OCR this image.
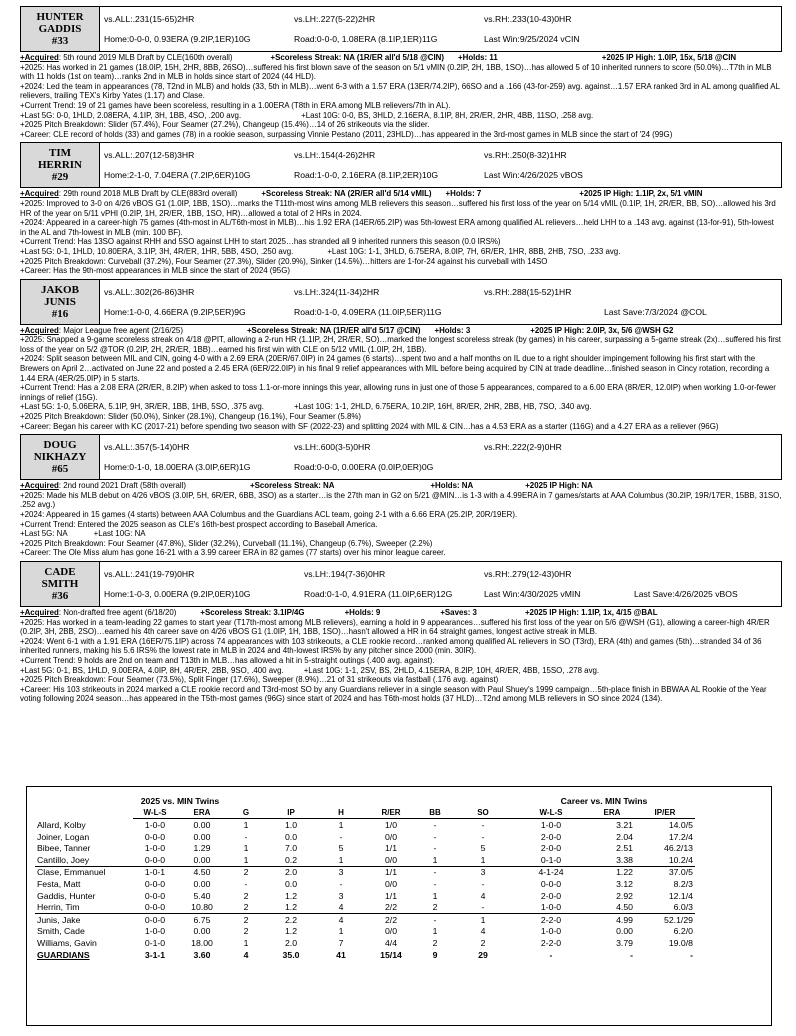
HUNTER
GADDIS
#33
vs.ALL:.231(15-65)2HR	vs.LH:.227(5-22)2HR	vs.RH:.233(10-43)0HR
Home:0-0-0, 0.93ERA (9.2IP,1ER)10G	Road:0-0-0, 1.08ERA (8.1IP,1ER)11G	Last Win:9/25/2024 vCIN

+Acquired: 5th round 2019 MLB Draft by CLE(160th overall)	+Scoreless Streak: NA (1R/ER all'd 5/18 @CIN) +Holds: 11	+2025 IP High: 1.0IP, 15x, 5/18 @CIN

+2025: Has worked in 21 games (18.0IP, 15H, 2HR, 8BB, 26SO)…suffered his first blown save of the season on 5/1 vMIN (0.2IP, 2H, 1BB, 1SO)…has allowed 5 of 10 inherited runners to score (50.0%)…T7th in MLB with 11 holds (1st on team)…ranks 2nd in MLB in holds since start of 2024 (44 HLD).

+2024: Led the team in appearances (78, T2nd in MLB) and holds (33, 5th in MLB)…went 6-3 with a 1.57 ERA (13ER/74.2IP), 66SO and a .166 (43-for-259) avg. against…1.57 ERA ranked 3rd in AL among qualified AL relievers, trailing TEX's Kirby Yates (1.17) and Clase.

+Current Trend: 19 of 21 games have been scoreless, resulting in a 1.00ERA (T8th in ERA among MLB relievers/7th in AL).

+Last 5G: 0-0, 1HLD, 2.08ERA, 4.1IP, 3H, 1BB, 4SO, .200 avg.	+Last 10G: 0-0, BS, 3HLD, 2.16ERA, 8.1IP, 8H, 2R/ER, 2HR, 4BB, 11SO, .258 avg.

+2025 Pitch Breakdown: Slider (57.4%), Four Seamer (27.2%), Changeup (15.4%)…14 of 26 strikeouts via the slider.

+Career: CLE record of holds (33) and games (78) in a rookie season, surpassing Vinnie Pestano (2011, 23HLD)…has appeared in the 3rd-most games in MLB since the start of '24 (99G)

TIM
HERRIN
#29
vs.ALL:.207(12-58)3HR	vs.LH:.154(4-26)2HR	vs.RH:.250(8-32)1HR
Home:2-1-0, 7.04ERA (7.2IP,6ER)10G	Road:1-0-0, 2.16ERA (8.1IP,2ER)10G	Last Win:4/26/2025 vBOS

+Acquired: 29th round 2018 MLB Draft by CLE(883rd overall)	+Scoreless Streak: NA (2R/ER all'd 5/14 vMIL) +Holds: 7	+2025 IP High: 1.1IP, 2x, 5/1 vMIN

+2025: Improved to 3-0 on 4/26 vBOS G1 (1.0IP, 1BB, 1SO)…marks the T11th-most wins among MLB relievers this season…suffered his first loss of the year on 5/14 vMIL (0.1IP, 1H, 2R/ER, BB, SO)…allowed his 3rd HR of the year on 5/11 vPHI (0.2IP, 1H, 2R/ER, 1BB, 1SO, HR)…allowed a total of 2 HRs in 2024.

+2024: Appeared in a career-high 75 games (4th-most in AL/T6th-most in MLB)…his 1.92 ERA (14ER/65.2IP) was 5th-lowest ERA among qualified AL relievers…held LHH to a .143 avg. against (13-for-91), 5th-lowest in the AL and 7th-lowest in MLB (min. 100 BF).

+Current Trend: Has 13SO against RHH and 5SO against LHH to start 2025…has stranded all 9 inherited runners this season (0.0 IRS%)

+Last 5G: 0-1, 1HLD, 10.80ERA, 3.1IP, 3H, 4R/ER, 1HR, 5BB, 4SO, .250 avg.	+Last 10G: 1-1, 3HLD, 6.75ERA, 8.0IP, 7H, 6R/ER, 1HR, 8BB, 2HB, 7SO, .233 avg.

+2025 Pitch Breakdown: Curveball (37.2%), Four Seamer (27.3%), Slider (20.9%), Sinker (14.5%)…hitters are 1-for-24 against his curveball with 14SO

+Career: Has the 9th-most appearances in MLB since the start of 2024 (95G)

JAKOB
JUNIS
#16
vs.ALL:.302(26-86)3HR	vs.LH:.324(11-34)2HR	vs.RH:.288(15-52)1HR
Home:1-0-0, 4.66ERA (9.2IP,5ER)9G	Road:0-1-0, 4.09ERA (11.0IP,5ER)11G	Last Save:7/3/2024 @COL

+Acquired: Major League free agent (2/16/25)	+Scoreless Streak: NA (1R/ER all'd 5/17 @CIN) +Holds: 3	+2025 IP High: 2.0IP, 3x, 5/6 @WSH G2

+2025: Snapped a 9-game scoreless streak on 4/18 @PIT, allowing a 2-run HR (1.1IP, 2H, 2R/ER, SO)…marked the longest scoreless streak (by games) in his career, surpassing a 5-game streak (2x)…suffered his first loss of the year on 5/2 @TOR (0.2IP, 2H, 2R/ER, 1BB)…earned his first win with CLE on 5/12 vMIL (1.0IP, 2H, 1BB).

+2024: Split season between MIL and CIN, going 4-0 with a 2.69 ERA (20ER/67.0IP) in 24 games (6 starts)…spent two and a half months on IL due to a right shoulder impingement following his first start with the Brewers on April 2…activated on June 22 and posted a 2.45 ERA (6ER/22.0IP) in his final 9 relief appearances with MIL before being acquired by CIN at trade deadline…finished season in Cincy rotation, recording a 1.44 ERA (4ER/25.0IP) in 5 starts.

+Current Trend: Has a 2.08 ERA (2R/ER, 8.2IP) when asked to toss 1.1-or-more innings this year, allowing runs in just one of those 5 appearances, compared to a 6.00 ERA (8R/ER, 12.0IP) when working 1.0-or-fewer innings of relief (15G).

+Last 5G: 1-0, 5.06ERA, 5.1IP, 9H, 3R/ER, 1BB, 1HB, 5SO, .375 avg.	+Last 10G: 1-1, 2HLD, 6.75ERA, 10.2IP, 16H, 8R/ER, 2HR, 2BB, HB, 7SO, .340 avg.

+2025 Pitch Breakdown: Slider (50.0%), Sinker (28.1%), Changeup (16.1%), Four Seamer (5.8%)

+Career: Began his career with KC (2017-21) before spending two season with SF (2022-23) and splitting 2024 with MIL & CIN…has a 4.53 ERA as a starter (116G) and a 4.27 ERA as a reliever (96G)

DOUG
NIKHAZY
#65
vs.ALL:.357(5-14)0HR	vs.LH:.600(3-5)0HR	vs.RH:.222(2-9)0HR
Home:0-1-0, 18.00ERA (3.0IP,6ER)1G	Road:0-0-0, 0.00ERA (0.0IP,0ER)0G

+Acquired: 2nd round 2021 Draft (58th overall)	+Scoreless Streak: NA	+Holds: NA	+2025 IP High: NA

+2025: Made his MLB debut on 4/26 vBOS (3.0IP, 5H, 6R/ER, 6BB, 3SO) as a starter…is the 27th man in G2 on 5/21 @MIN…is 1-3 with a 4.99ERA in 7 games/starts at AAA Columbus (30.2IP, 19R/17ER, 15BB, 31SO, .252 avg.)

+2024: Appeared in 15 games (4 starts) between AAA Columbus and the Guardians ACL team, going 2-1 with a 6.66 ERA (25.2IP, 20R/19ER).

+Current Trend: Entered the 2025 season as CLE's 16th-best prospect according to Baseball America.

+Last 5G: NA	+Last 10G: NA

+2025 Pitch Breakdown: Four Seamer (47.8%), Slider (32.2%), Curveball (11.1%), Changeup (6.7%), Sweeper (2.2%)

+Career: The Ole Miss alum has gone 16-21 with a 3.99 career ERA in 82 games (77 starts) over his minor league career.

CADE
SMITH
#36
vs.ALL:.241(19-79)0HR	vs.LH:.194(7-36)0HR	vs.RH:.279(12-43)0HR
Home:1-0-3, 0.00ERA (9.2IP,0ER)10G	Road:0-1-0, 4.91ERA (11.0IP,6ER)12G	Last Win:4/30/2025 vMIN	Last Save:4/26/2025 vBOS

+Acquired: Non-drafted free agent (6/18/20)	+Scoreless Streak: 3.1IP/4G	+Holds: 9	+Saves: 3	+2025 IP High: 1.1IP, 1x, 4/15 @BAL

+2025: Has worked in a team-leading 22 games to start year (T17th-most among MLB relievers), earning a hold in 9 appearances…suffered his first loss of the year on 5/6 @WSH (G1), allowing a career-high 4R/ER (0.2IP, 3H, 2BB, 2SO)…earned his 4th career save on 4/26 vBOS G1 (1.0IP, 1H, 1BB, 1SO)…hasn't allowed a HR in 64 straight games, longest active streak in MLB.

+2024: Went 6-1 with a 1.91 ERA (16ER/75.1IP) across 74 appearances with 103 strikeouts, a CLE rookie record…ranked among qualified AL relievers in SO (T3rd), ERA (4th) and games (5th)…stranded 34 of 36 inherited runners, making his 5.6 IRS% the lowest rate in MLB in 2024 and 4th-lowest IRS% by any pitcher since 2000 (min. 30IR).

+Current Trend: 9 holds are 2nd on team and T13th in MLB…has allowed a hit in 5-straight outings (.400 avg. against).

+Last 5G: 0-1, BS, 1HLD, 9.00ERA, 4.0IP, 8H, 4R/ER, 2BB, 9SO, .400 avg.	+Last 10G: 1-1, 2SV, BS, 2HLD, 4.15ERA, 8.2IP, 10H, 4R/ER, 4BB, 15SO, .278 avg.

+2025 Pitch Breakdown: Four Seamer (73.5%), Split Finger (17.6%), Sweeper (8.9%)…21 of 31 strikeouts via fastball (.176 avg. against)

+Career: His 103 strikeouts in 2024 marked a CLE rookie record and T3rd-most SO by any Guardians reliever in a single season with Paul Shuey's 1999 campaign…5th-place finish in BBWAA AL Rookie of the Year voting following 2024 season…has appeared in the T5th-most games (96G) since start of 2024 and has T6th-most holds (37 HLD)…T2nd among MLB relievers in SO since 2024 (134).

	2025 vs. MIN Twins								Career vs. MIN Twins		
	W-L-S	ERA	G	IP	H	R/ER	BB	SO	W-L-S	ERA	IP/ER
Allard, Kolby	1-0-0	0.00	1	1.0	1	1/0	-	-	1-0-0	3.21	14.0/5
Joiner, Logan	0-0-0	0.00	-	0.0	-	0/0	-	-	2-0-0	2.04	17.2/4
Bibee, Tanner	1-0-0	1.29	1	7.0	5	1/1	-	5	2-0-0	2.51	46.2/13
Cantillo, Joey	0-0-0	0.00	1	0.2	1	0/0	1	1	0-1-0	3.38	10.2/4
Clase, Emmanuel	1-0-1	4.50	2	2.0	3	1/1	-	3	4-1-24	1.22	37.0/5
Festa, Matt	0-0-0	0.00	-	0.0	-	0/0	-	-	0-0-0	3.12	8.2/3
Gaddis, Hunter	0-0-0	5.40	2	1.2	3	1/1	1	4	2-0-0	2.92	12.1/4
Herrin, Tim	0-0-0	10.80	2	1.2	4	2/2	2	-	1-0-0	4.50	6.0/3
Junis, Jake	0-0-0	6.75	2	2.2	4	2/2	-	1	2-2-0	4.99	52.1/29
Smith, Cade	1-0-0	0.00	2	1.2	1	0/0	1	4	1-0-0	0.00	6.2/0
Williams, Gavin	0-1-0	18.00	1	2.0	7	4/4	2	2	2-2-0	3.79	19.0/8
GUARDIANS	3-1-1	3.60	4	35.0	41	15/14	9	29	-	-	-
